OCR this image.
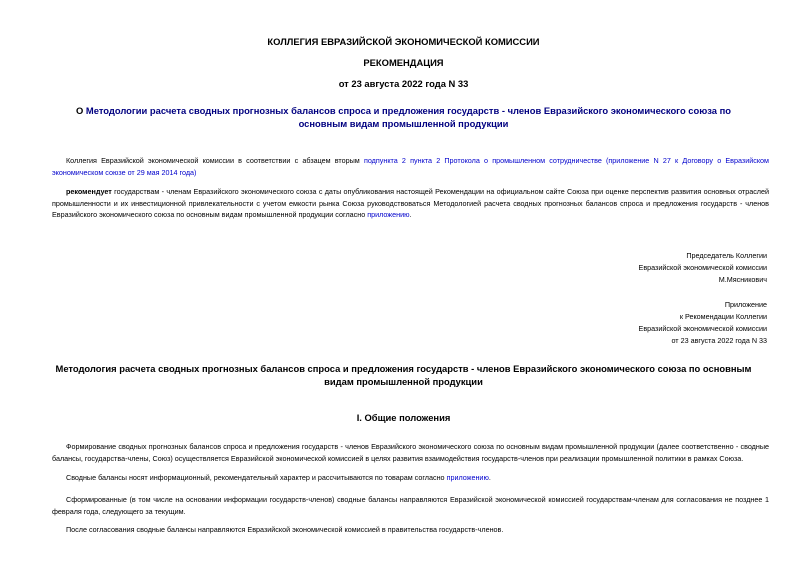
КОЛЛЕГИЯ ЕВРАЗИЙСКОЙ ЭКОНОМИЧЕСКОЙ КОМИССИИ
РЕКОМЕНДАЦИЯ
от 23 августа 2022 года N 33
О Методологии расчета сводных прогнозных балансов спроса и предложения государств - членов Евразийского экономического союза по основным видам промышленной продукции
Коллегия Евразийской экономической комиссии в соответствии с абзацем вторым подпункта 2 пункта 2 Протокола о промышленном сотрудничестве (приложение N 27 к Договору о Евразийском экономическом союзе от 29 мая 2014 года)
рекомендует государствам - членам Евразийского экономического союза с даты опубликования настоящей Рекомендации на официальном сайте Союза при оценке перспектив развития основных отраслей промышленности и их инвестиционной привлекательности с учетом емкости рынка Союза руководствоваться Методологией расчета сводных прогнозных балансов спроса и предложения государств - членов Евразийского экономического союза по основным видам промышленной продукции согласно приложению.
Председатель Коллегии
Евразийской экономической комиссии
М.Мясникович
Приложение
к Рекомендации Коллегии
Евразийской экономической комиссии
от 23 августа 2022 года N 33
Методология расчета сводных прогнозных балансов спроса и предложения государств - членов Евразийского экономического союза по основным видам промышленной продукции
I. Общие положения
Формирование сводных прогнозных балансов спроса и предложения государств - членов Евразийского экономического союза по основным видам промышленной продукции (далее соответственно - сводные балансы, государства-члены, Союз) осуществляется Евразийской экономической комиссией в целях развития взаимодействия государств-членов при реализации промышленной политики в рамках Союза.
Сводные балансы носят информационный, рекомендательный характер и рассчитываются по товарам согласно приложению.
Сформированные (в том числе на основании информации государств-членов) сводные балансы направляются Евразийской экономической комиссией государствам-членам для согласования не позднее 1 февраля года, следующего за текущим.
После согласования сводные балансы направляются Евразийской экономической комиссией в правительства государств-членов.
